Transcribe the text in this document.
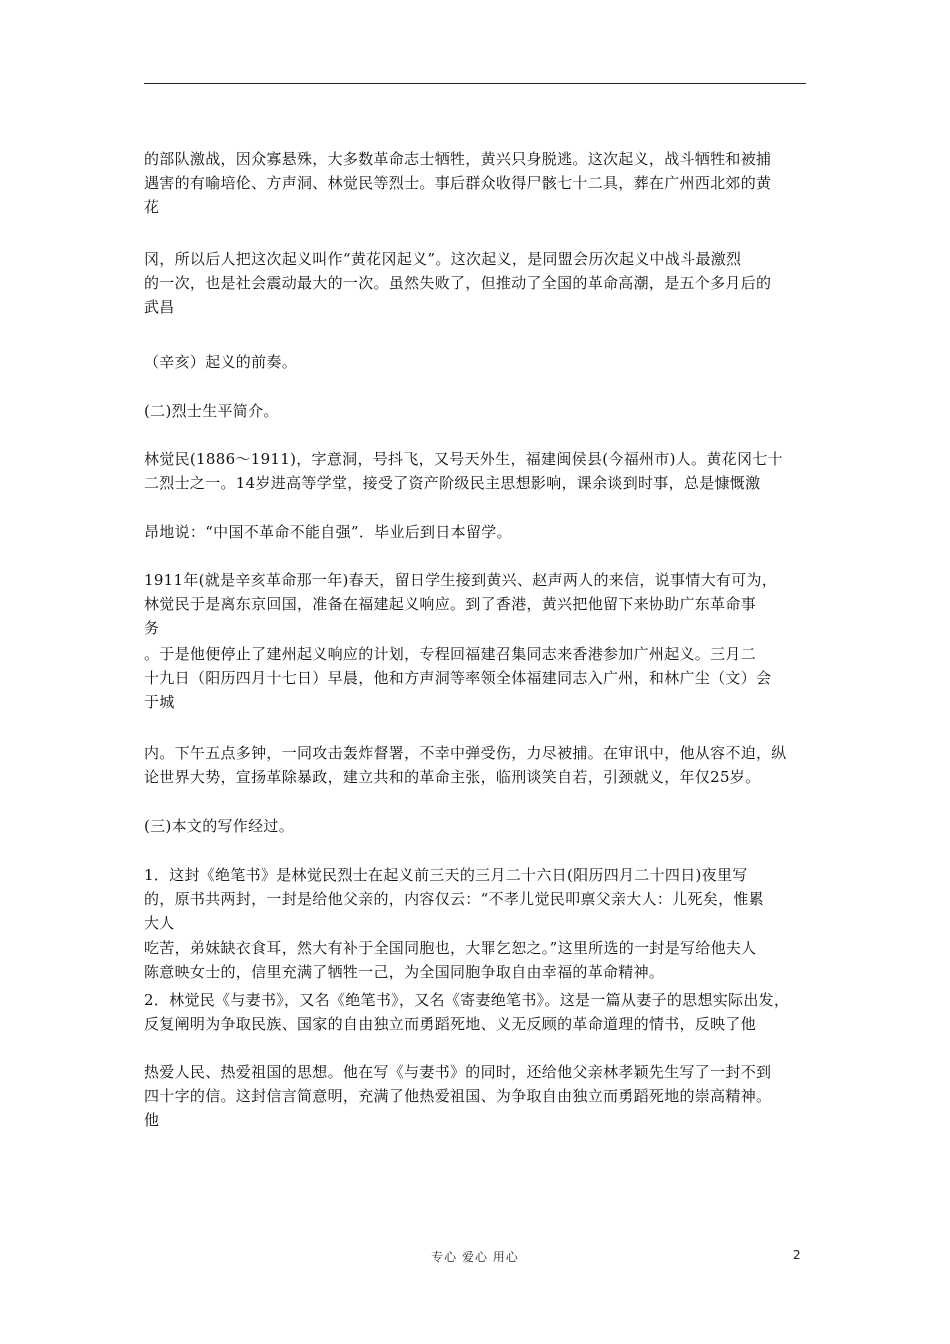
的部队激战，因众寡悬殊，大多数革命志士牺牲，黄兴只身脱逃。这次起义，战斗牺牲和被捕
遇害的有喻培伦、方声洞、林觉民等烈士。事后群众收得尸骸七十二具，葬在广州西北郊的黄
花
冈，所以后人把这次起义叫作“黄花冈起义”。这次起义，是同盟会历次起义中战斗最激烈
的一次，也是社会震动最大的一次。虽然失败了，但推动了全国的革命高潮，是五个多月后的
武昌
（辛亥）起义的前奏。
(二)烈士生平简介。
林觉民(1886～1911)，字意洞，号抖飞，又号天外生，福建闽侯县(今福州市)人。黄花冈七十
二烈士之一。14岁进高等学堂，接受了资产阶级民主思想影响，课余谈到时事，总是慷慨激
昂地说：“中国不革命不能自强”．毕业后到日本留学。
1911年(就是辛亥革命那一年)春天，留日学生接到黄兴、赵声两人的来信，说事情大有可为，
林觉民于是离东京回国，准备在福建起义响应。到了香港，黄兴把他留下来协助广东革命事
务
。于是他便停止了建州起义响应的计划，专程回福建召集同志来香港参加广州起义。三月二
十九日（阳历四月十七日）早晨，他和方声洞等率领全体福建同志入广州，和林广尘（文）会
于城
内。下午五点多钟，一同攻击轰炸督署，不幸中弹受伤，力尽被捕。在审讯中，他从容不迫，纵
论世界大势，宣扬革除暴政，建立共和的革命主张，临刑谈笑自若，引颈就义，年仅25岁。
(三)本文的写作经过。
1．这封《绝笔书》是林觉民烈士在起义前三天的三月二十六日(阳历四月二十四日)夜里写
的，原书共两封，一封是给他父亲的，内容仅云：“不孝儿觉民叩禀父亲大人：儿死矣，惟累
大人
吃苦，弟妹缺衣食耳，然大有补于全国同胞也，大罪乞恕之。”这里所选的一封是写给他夫人
陈意映女士的，信里充满了牺牲一己，为全国同胞争取自由幸福的革命精神。
2．林觉民《与妻书》，又名《绝笔书》，又名《寄妻绝笔书》。这是一篇从妻子的思想实际出发，
反复阐明为争取民族、国家的自由独立而勇蹈死地、义无反顾的革命道理的情书，反映了他
热爱人民、热爱祖国的思想。他在写《与妻书》的同时，还给他父亲林孝颖先生写了一封不到
四十字的信。这封信言简意明，充满了他热爱祖国、为争取自由独立而勇蹈死地的崇高精神。
他
专心 爱心 用心	2
